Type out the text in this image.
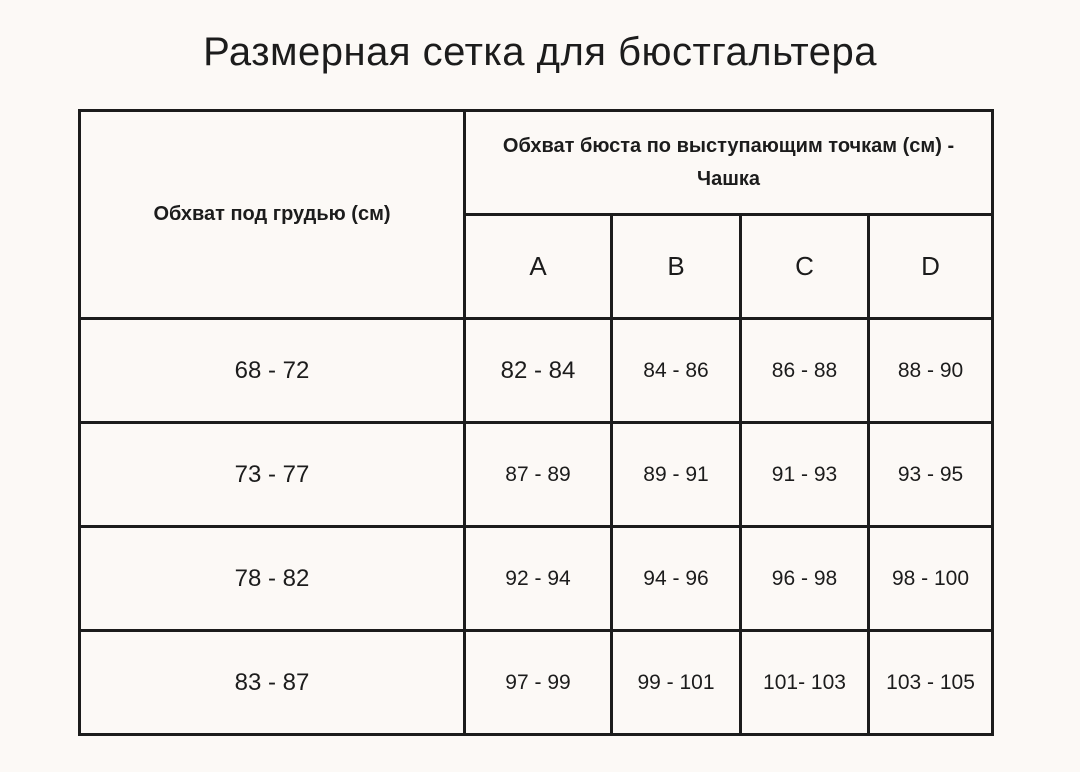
Размерная сетка для бюстгальтера
Обхват под грудью (см)	Обхват бюста по выступающим точкам (см) - Чашка			
	A	B	C	D
68 - 72	82 - 84	84 - 86	86 - 88	88 - 90
73 - 77	87 - 89	89 - 91	91 - 93	93 - 95
78 - 82	92 - 94	94 - 96	96 - 98	98 - 100
83 - 87	97 - 99	99 - 101	101- 103	103 - 105
